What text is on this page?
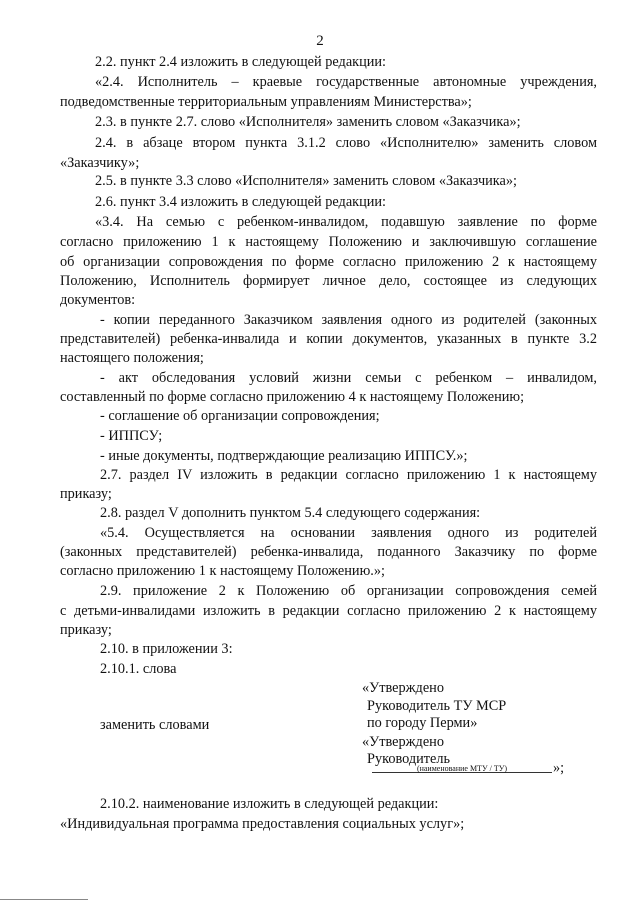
2
2.2. пункт 2.4 изложить в следующей редакции:
«2.4. Исполнитель – краевые государственные автономные учреждения,
подведомственные территориальным управлениям Министерства»;
2.3. в пункте 2.7. слово «Исполнителя» заменить словом «Заказчика»;
2.4. в абзаце втором пункта 3.1.2 слово «Исполнителю» заменить словом
«Заказчику»;
2.5. в пункте 3.3 слово «Исполнителя» заменить словом «Заказчика»;
2.6. пункт 3.4 изложить в следующей редакции:
«3.4. На семью с ребенком-инвалидом, подавшую заявление по форме
согласно приложению 1 к настоящему Положению и заключившую соглашение
об организации сопровождения по форме согласно приложению 2 к настоящему
Положению, Исполнитель формирует личное дело, состоящее из следующих
документов:
- копии переданного Заказчиком заявления одного из родителей (законных
представителей) ребенка-инвалида и копии документов, указанных в пункте 3.2
настоящего положения;
- акт обследования условий жизни семьи с ребенком – инвалидом,
составленный по форме согласно приложению 4 к настоящему Положению;
- соглашение об организации сопровождения;
- ИППСУ;
- иные документы, подтверждающие реализацию ИППСУ.»;
2.7. раздел IV изложить в редакции согласно приложению 1 к настоящему
приказу;
2.8. раздел V дополнить пунктом 5.4 следующего содержания:
«5.4. Осуществляется на основании заявления одного из родителей
(законных представителей) ребенка-инвалида, поданного Заказчику по форме
согласно приложению 1 к настоящему Положению.»;
2.9. приложение 2 к Положению об организации сопровождения семей
с детьми-инвалидами изложить в редакции согласно приложению 2 к настоящему
приказу;
2.10. в приложении 3:
2.10.1. слова
«Утверждено
Руководитель ТУ МСР
по городу Перми»
заменить словами
«Утверждено
Руководитель
(наименование МТУ / ТУ)	»;
2.10.2. наименование изложить в следующей редакции:
«Индивидуальная программа предоставления социальных услуг»;
